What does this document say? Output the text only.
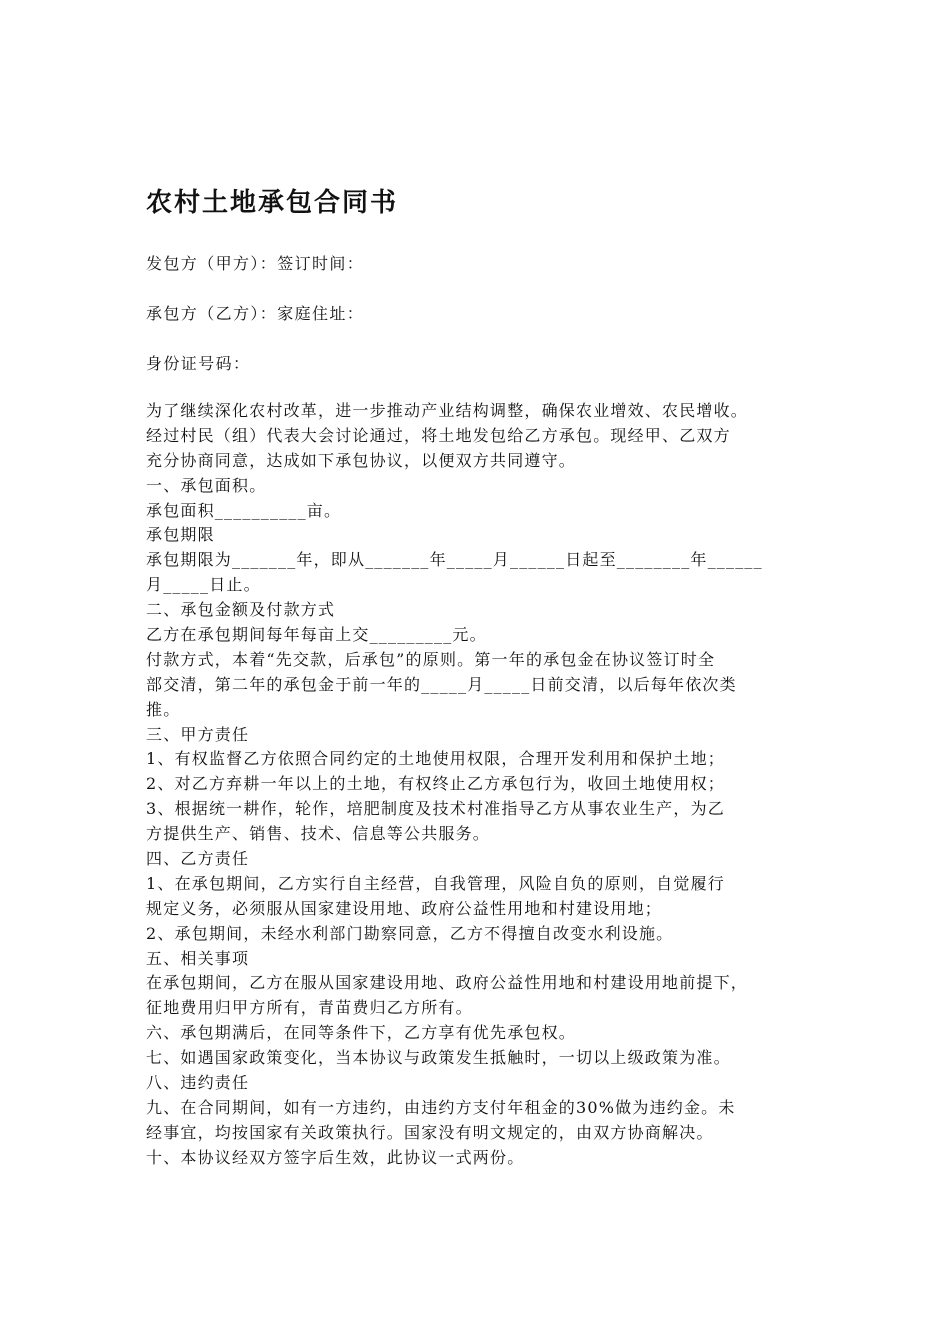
农村土地承包合同书
发包方（甲方）：签订时间：
承包方（乙方）：家庭住址：
身份证号码：
为了继续深化农村改革，进一步推动产业结构调整，确保农业增效、农民增收。
经过村民（组）代表大会讨论通过，将土地发包给乙方承包。现经甲、乙双方
充分协商同意，达成如下承包协议，以便双方共同遵守。
一、承包面积。
承包面积__________亩。
承包期限
承包期限为_______年，即从_______年_____月______日起至________年______
月_____日止。
二、承包金额及付款方式
乙方在承包期间每年每亩上交_________元。
付款方式，本着“先交款，后承包”的原则。第一年的承包金在协议签订时全
部交清，第二年的承包金于前一年的_____月_____日前交清，以后每年依次类
推。
三、甲方责任
1、有权监督乙方依照合同约定的土地使用权限，合理开发利用和保护土地；
2、对乙方弃耕一年以上的土地，有权终止乙方承包行为，收回土地使用权；
3、根据统一耕作，轮作，培肥制度及技术村准指导乙方从事农业生产，为乙
方提供生产、销售、技术、信息等公共服务。
四、乙方责任
1、在承包期间，乙方实行自主经营，自我管理，风险自负的原则，自觉履行
规定义务，必须服从国家建设用地、政府公益性用地和村建设用地；
2、承包期间，未经水利部门勘察同意，乙方不得擅自改变水利设施。
五、相关事项
在承包期间，乙方在服从国家建设用地、政府公益性用地和村建设用地前提下，
征地费用归甲方所有，青苗费归乙方所有。
六、承包期满后，在同等条件下，乙方享有优先承包权。
七、如遇国家政策变化，当本协议与政策发生抵触时，一切以上级政策为准。
八、违约责任
九、在合同期间，如有一方违约，由违约方支付年租金的30%做为违约金。未
经事宜，均按国家有关政策执行。国家没有明文规定的，由双方协商解决。
十、本协议经双方签字后生效，此协议一式两份。
